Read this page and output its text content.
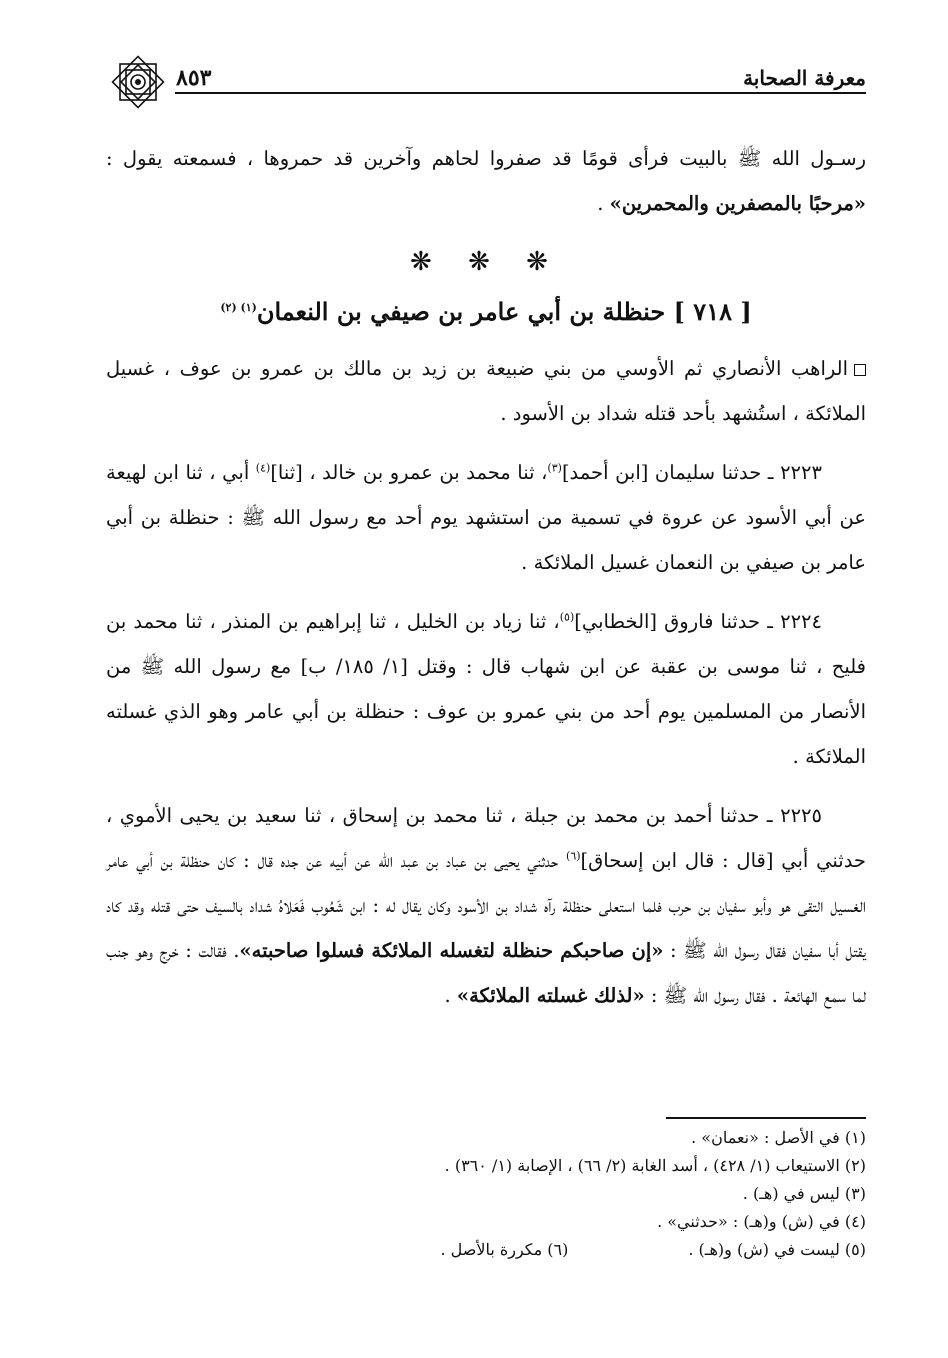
معرفة الصحابة
٨٥٣

رسـول الله ﷺ بالبيت فرأى قومًا قد صفروا لحاهم وآخرين قد حمروها ، فسمعته يقول : «مرحبًا بالمصفرين والمحمرين» .

❋ ❋ ❋
[ ٧١٨ ] حنظلة بن أبي عامر بن صيفي بن النعمان$^{(١) (٢)}$

الراهب الأنصاري ثم الأوسي من بني ضبيعة بن زيد بن مالك بن عمرو بن عوف ، غسيل الملائكة ، استُشهد بأحد قتله شداد بن الأسود .

٢٢٢٣ ـ حدثنا سليمان [ابن أحمد]$^{(٣)}$، ثنا محمد بن عمرو بن خالد ، [ثنا]$^{(٤)}$ أبي ، ثنا ابن لهيعة عن أبي الأسود عن عروة في تسمية من استشهد يوم أحد مع رسول الله ﷺ : حنظلة بن أبي عامر بن صيفي بن النعمان غسيل الملائكة .

٢٢٢٤ ـ حدثنا فاروق [الخطابي]$^{(٥)}$، ثنا زياد بن الخليل ، ثنا إبراهيم بن المنذر ، ثنا محمد بن فليح ، ثنا موسى بن عقبة عن ابن شهاب قال : وقتل [١/ ١٨٥/ ب] مع رسول الله ﷺ من الأنصار من المسلمين يوم أحد من بني عمرو بن عوف : حنظلة بن أبي عامر وهو الذي غسلته الملائكة .

٢٢٢٥ ـ حدثنا أحمد بن محمد بن جبلة ، ثنا محمد بن إسحاق ، ثنا سعيد بن يحيى الأموي ، حدثني أبي [قال : قال ابن إسحاق]$^{(٦)}$ حدثني يحيى بن عباد بن عبد الله عن أبيه عن جده قال : كان حنظلة بن أبي عامر الغسيل التقى هو وأبو سفيان بن حرب فلما استعلى حنظلة رآه شداد بن الأسود وكان يقال له : ابن شَعُوب فَعَلاهُ شداد بالسيف حتى قتله وقد كاد يقتل أبا سفيان فقال رسول الله ﷺ : «إن صاحبكم حنظلة لتغسله الملائكة فسلوا صاحبته». فقالت : خرج وهو جنب لما سمع الهائعة . فقال رسول الله ﷺ : «لذلك غسلته الملائكة» .

(١) في الأصل : «نعمان» .
(٢) الاستيعاب (١/ ٤٢٨) ، أسد الغابة (٢/ ٦٦) ، الإصابة (١/ ٣٦٠) .
(٣) ليس في (هـ) .
(٤) في (ش) و(هـ) : «حدثني» .
(٥) ليست في (ش) و(هـ) .
(٦) مكررة بالأصل .
